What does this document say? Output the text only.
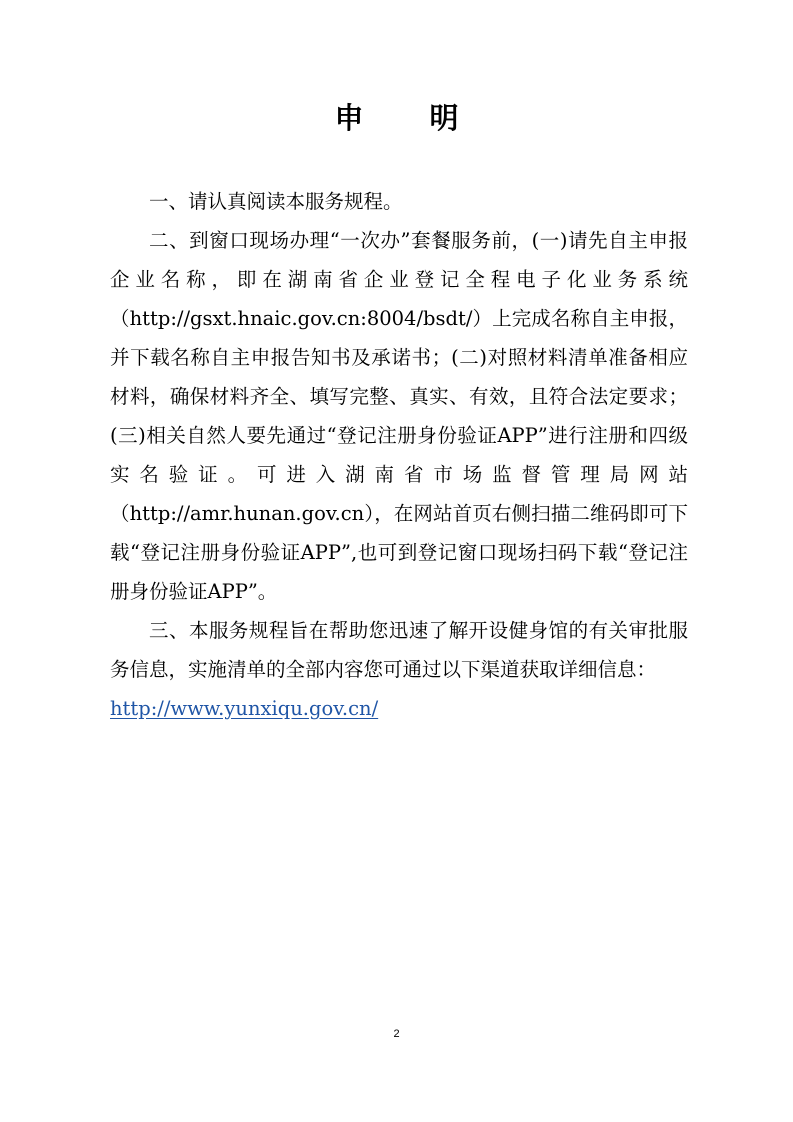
申 明

一、请认真阅读本服务规程。

二、到窗口现场办理“一次办”套餐服务前，(一)请先自主申报企业名称，即在湖南省企业登记全程电子化业务系统（http://gsxt.hnaic.gov.cn:8004/bsdt/）上完成名称自主申报，并下载名称自主申报告知书及承诺书；(二)对照材料清单准备相应材料，确保材料齐全、填写完整、真实、有效，且符合法定要求；(三)相关自然人要先通过“登记注册身份验证APP”进行注册和四级实名验证。可进入湖南省市场监督管理局网站（http://amr.hunan.gov.cn），在网站首页右侧扫描二维码即可下载“登记注册身份验证APP”,也可到登记窗口现场扫码下载“登记注册身份验证APP”。

三、本服务规程旨在帮助您迅速了解开设健身馆的有关审批服务信息，实施清单的全部内容您可通过以下渠道获取详细信息：

http://www.yunxiqu.gov.cn/

2
